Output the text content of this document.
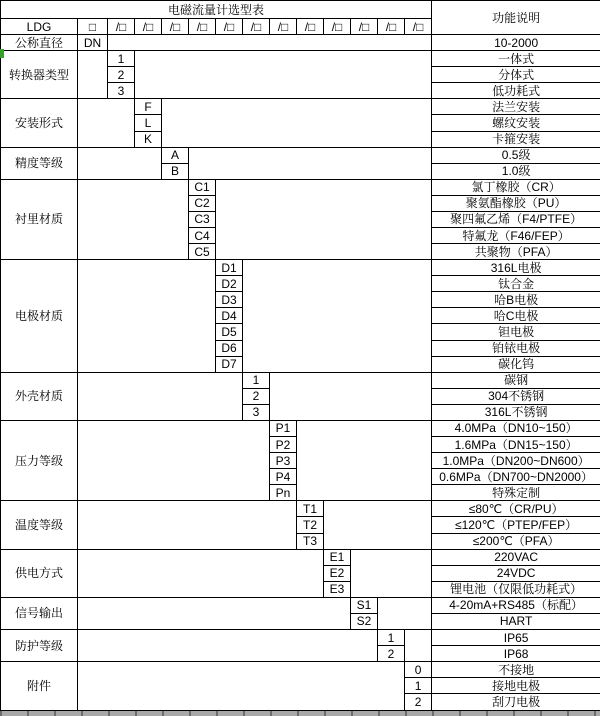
电磁流量计选型表														功能说明
LDG	□	/□	/□	/□	/□	/□	/□	/□	/□	/□	/□	/□	/□	
公称直径	DN													10-2000
转换器类型		1												一体式
		2												分体式
		3												低功耗式
安装形式			F											法兰安装
			L											螺纹安装
			K											卡箍安装
精度等级				A										0.5级
				B										1.0级
衬里材质					C1									氯丁橡胶（CR）
					C2									聚氨酯橡胶（PU）
					C3									聚四氟乙烯（F4/PTFE）
					C4									特氟龙（F46/FEP）
					C5									共聚物（PFA）
电极材质						D1								316L电极
						D2								钛合金
						D3								哈B电极
						D4								哈C电极
						D5								钽电极
						D6								铂铱电极
						D7								碳化钨
外壳材质							1							碳钢
							2							304不锈钢
							3							316L不锈钢
压力等级								P1						4.0MPa（DN10~150）
								P2						1.6MPa（DN15~150）
								P3						1.0MPa（DN200~DN600）
								P4						0.6MPa（DN700~DN2000）
								Pn						特殊定制
温度等级									T1					≤80℃（CR/PU）
									T2					≤120℃（PTEP/FEP）
									T3					≤200℃（PFA）
供电方式										E1				220VAC
										E2				24VDC
										E3				锂电池（仅限低功耗式）
信号输出											S1			4-20mA+RS485（标配）
											S2			HART
防护等级												1		IP65
												2		IP68
附件													0	不接地
													1	接地电极
													2	刮刀电极
